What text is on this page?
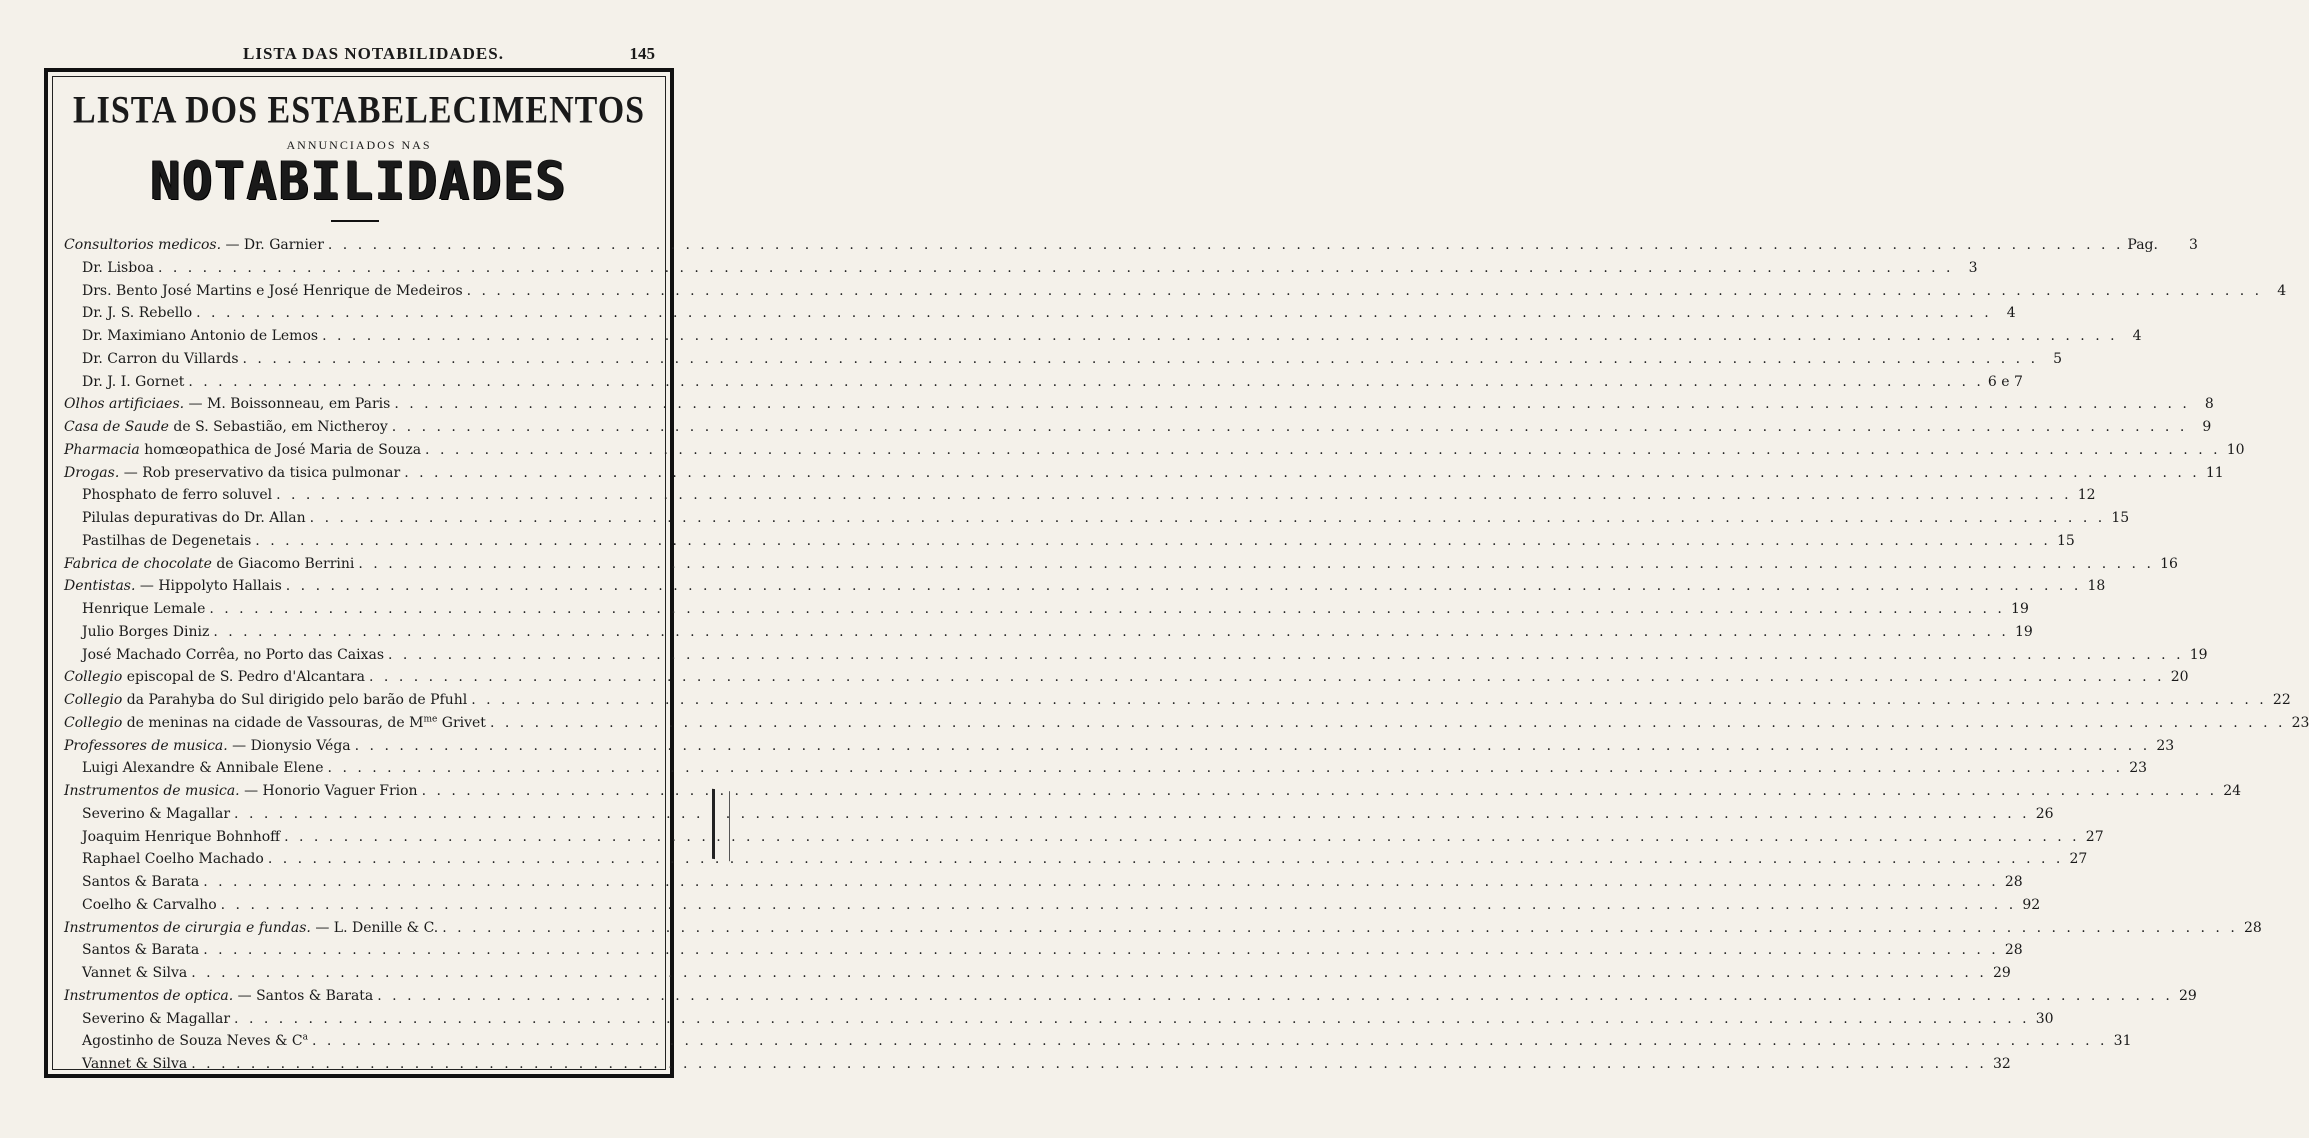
LISTA DAS NOTABILIDADES.	145
LISTA DOS ESTABELECIMENTOS
ANNUNCIADOS NAS
NOTABILIDADES
Consultorios medicos. — Dr. Garnier . . .	Pag.	3
Dr. Lisboa . . .	3
Drs. Bento José Martins e José Henrique de Medeiros . . .	4
Dr. J. S. Rebello . . .	4
Dr. Maximiano Antonio de Lemos . . .	4
Dr. Carron du Villards . . .	5
Dr. J. I. Gornet . . .	6 e 7
Olhos artificiaes. — M. Boissonneau, em Paris . . .	8
Casa de Saude de S. Sebastião, em Nictheroy . . .	9
Pharmacia homœopathica de José Maria de Souza . . .	10
Drogas. — Rob preservativo da tisica pulmonar . . .	11
Phosphato de ferro soluvel . . .	12
Pilulas depurativas do Dr. Allan . . .	15
Pastilhas de Degenetais . . .	15
Fabrica de chocolate de Giacomo Berrini . . .	16
Dentistas. — Hippolyto Hallais . . .	18
Henrique Lemale . . .	19
Julio Borges Diniz . . .	19
José Machado Corrêa, no Porto das Caixas . . .	19
Collegio episcopal de S. Pedro d'Alcantara . . .	20
Collegio da Parahyba do Sul dirigido pelo barão de Pfuhl . . .	22
Collegio de meninas na cidade de Vassouras, de $M^{me}$ Grivet . . .	23
Professores de musica. — Dionysio Véga . . .	23
Luigi Alexandre & Annibale Elene . . .	23
Instrumentos de musica. — Honorio Vaguer Frion . . .	24
Severino & Magallar . . .	26
Joaquim Henrique Bohnhoff . . .	27
Raphael Coelho Machado . . .	27
Santos & Barata . . .	28
Coelho & Carvalho . . .	92
Instrumentos de cirurgia e fundas. — L. Denille & C. . . .	28
Santos & Barata . . .	28
Vannet & Silva . . .	29
Instrumentos de optica. — Santos & Barata . . .	29
Severino & Magallar . . .	30
Agostinho de Souza Neves & $C^a$ . . .	31
Vannet & Silva . . .	32
